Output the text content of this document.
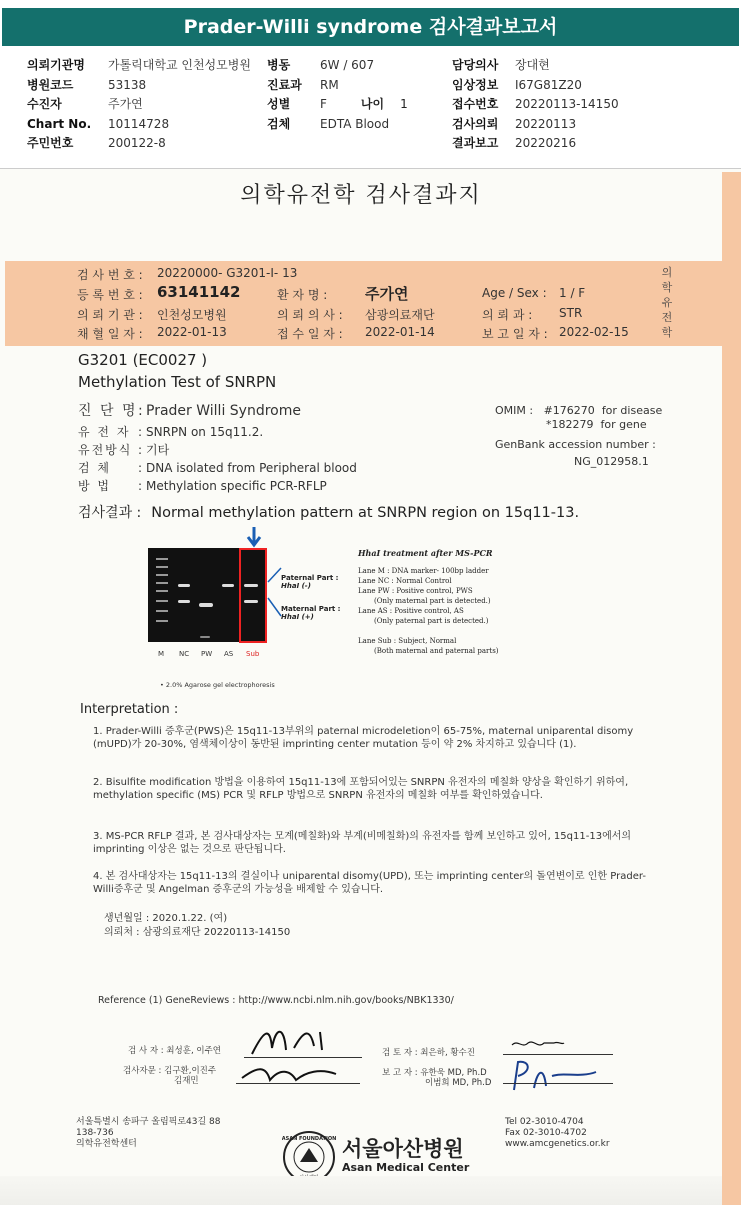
Prader-Willi syndrome 검사결과보고서
의뢰기관명	가톨릭대학교 인천성모병원
병원코드	53138
수진자	주가연
Chart No.	10114728
주민번호	200122-8
병동	6W / 607
진료과	RM
성별	F	나이 1
검체	EDTA Blood
담당의사	장대현
임상정보	I67G81Z20
접수번호	20220113-14150
검사의뢰	20220113
결과보고	20220216
의학유전학 검사결과지
검 사 번 호 : 20220000- G3201-I- 13
등 록 번 호 : 63141142	환 자 명 :	주가연	Age / Sex : 1 / F
의 뢰 기 관 : 인천성모병원	의 뢰 의 사 : 삼광의료재단	의 뢰 과 : STR
채 혈 일 자 : 2022-01-13	접 수 일 자 : 2022-01-14	보 고 일 자 : 2022-02-15
의
학
유
전
학
G3201 (EC0027 )
Methylation Test of SNRPN
진 단 명: Prader Willi Syndrome
유 전 자 : SNRPN on 15q11.2.
유전방식 : 기타
검 체 : DNA isolated from Peripheral blood
방 법 : Methylation specific PCR-RFLP
OMIM : #176270 for disease
*182279 for gene
GenBank accession number :
NG_012958.1
검사결과 : Normal methylation pattern at SNRPN region on 15q11-13.
Paternal Part :
HhaI (-)
Maternal Part :
HhaI (+)
M NC PW AS Sub
• 2.0% Agarose gel electrophoresis
HhaI treatment after MS-PCR
Lane M : DNA marker- 100bp ladder
Lane NC : Normal Control
Lane PW : Positive control, PWS
(Only maternal part is detected.)
Lane AS : Positive control, AS
(Only paternal part is detected.)
Lane Sub : Subject, Normal
(Both maternal and paternal parts)
Interpretation :
1. Prader-Willi 증후군(PWS)은 15q11-13부위의 paternal microdeletion이 65-75%, maternal uniparental disomy (mUPD)가 20-30%, 염색체이상이 동반된 imprinting center mutation 등이 약 2% 차지하고 있습니다 (1).
2. Bisulfite modification 방법을 이용하여 15q11-13에 포함되어있는 SNRPN 유전자의 메칠화 양상을 확인하기 위하여, methylation specific (MS) PCR 및 RFLP 방법으로 SNRPN 유전자의 메칠화 여부를 확인하였습니다.
3. MS-PCR RFLP 결과, 본 검사대상자는 모계(메칠화)와 부계(비메칠화)의 유전자를 함께 보인하고 있어, 15q11-13에서의 imprinting 이상은 없는 것으로 판단됩니다.
4. 본 검사대상자는 15q11-13의 결실이나 uniparental disomy(UPD), 또는 imprinting center의 돌연변이로 인한 Prader-Willi증후군 및 Angelman 증후군의 가능성을 배제할 수 있습니다.
생년월일 : 2020.1.22. (여)
의뢰처 : 삼광의료재단 20220113-14150
Reference (1) GeneReviews : http://www.ncbi.nlm.nih.gov/books/NBK1330/
검 사 자 : 최성훈, 이주연
검사자문 : 김구환,이진주
김재민
검 토 자 : 최은하, 황수진
보 고 자 : 유한욱 MD, Ph.D
이범희 MD, Ph.D
서울특별시 송파구 올림픽로43길 88
138-736
의학유전학센터	ASAN FOUNDATION 서울아산병원
Asan Medical Center
Tel 02-3010-4704
Fax 02-3010-4702
www.amcgenetics.or.kr
